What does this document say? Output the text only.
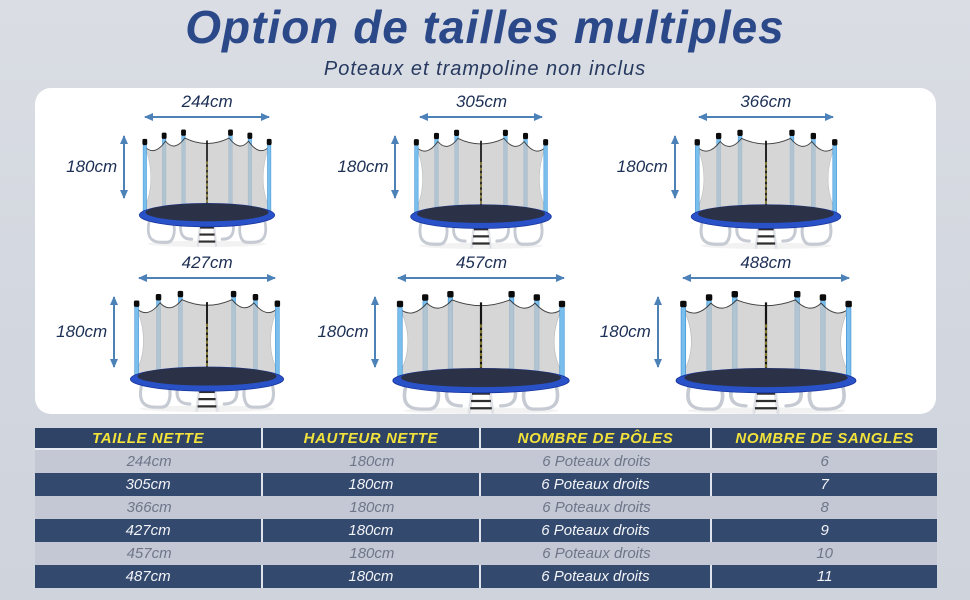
Option de tailles multiples
Poteaux et trampoline non inclus
244cm
180cm
305cm
180cm
366cm
180cm
427cm
180cm
457cm
180cm
488cm
180cm
TAILLE NETTE	HAUTEUR NETTE	NOMBRE DE PÔLES	NOMBRE DE SANGLES
244cm	180cm	6 Poteaux droits	6
305cm	180cm	6 Poteaux droits	7
366cm	180cm	6 Poteaux droits	8
427cm	180cm	6 Poteaux droits	9
457cm	180cm	6 Poteaux droits	10
487cm	180cm	6 Poteaux droits	11
